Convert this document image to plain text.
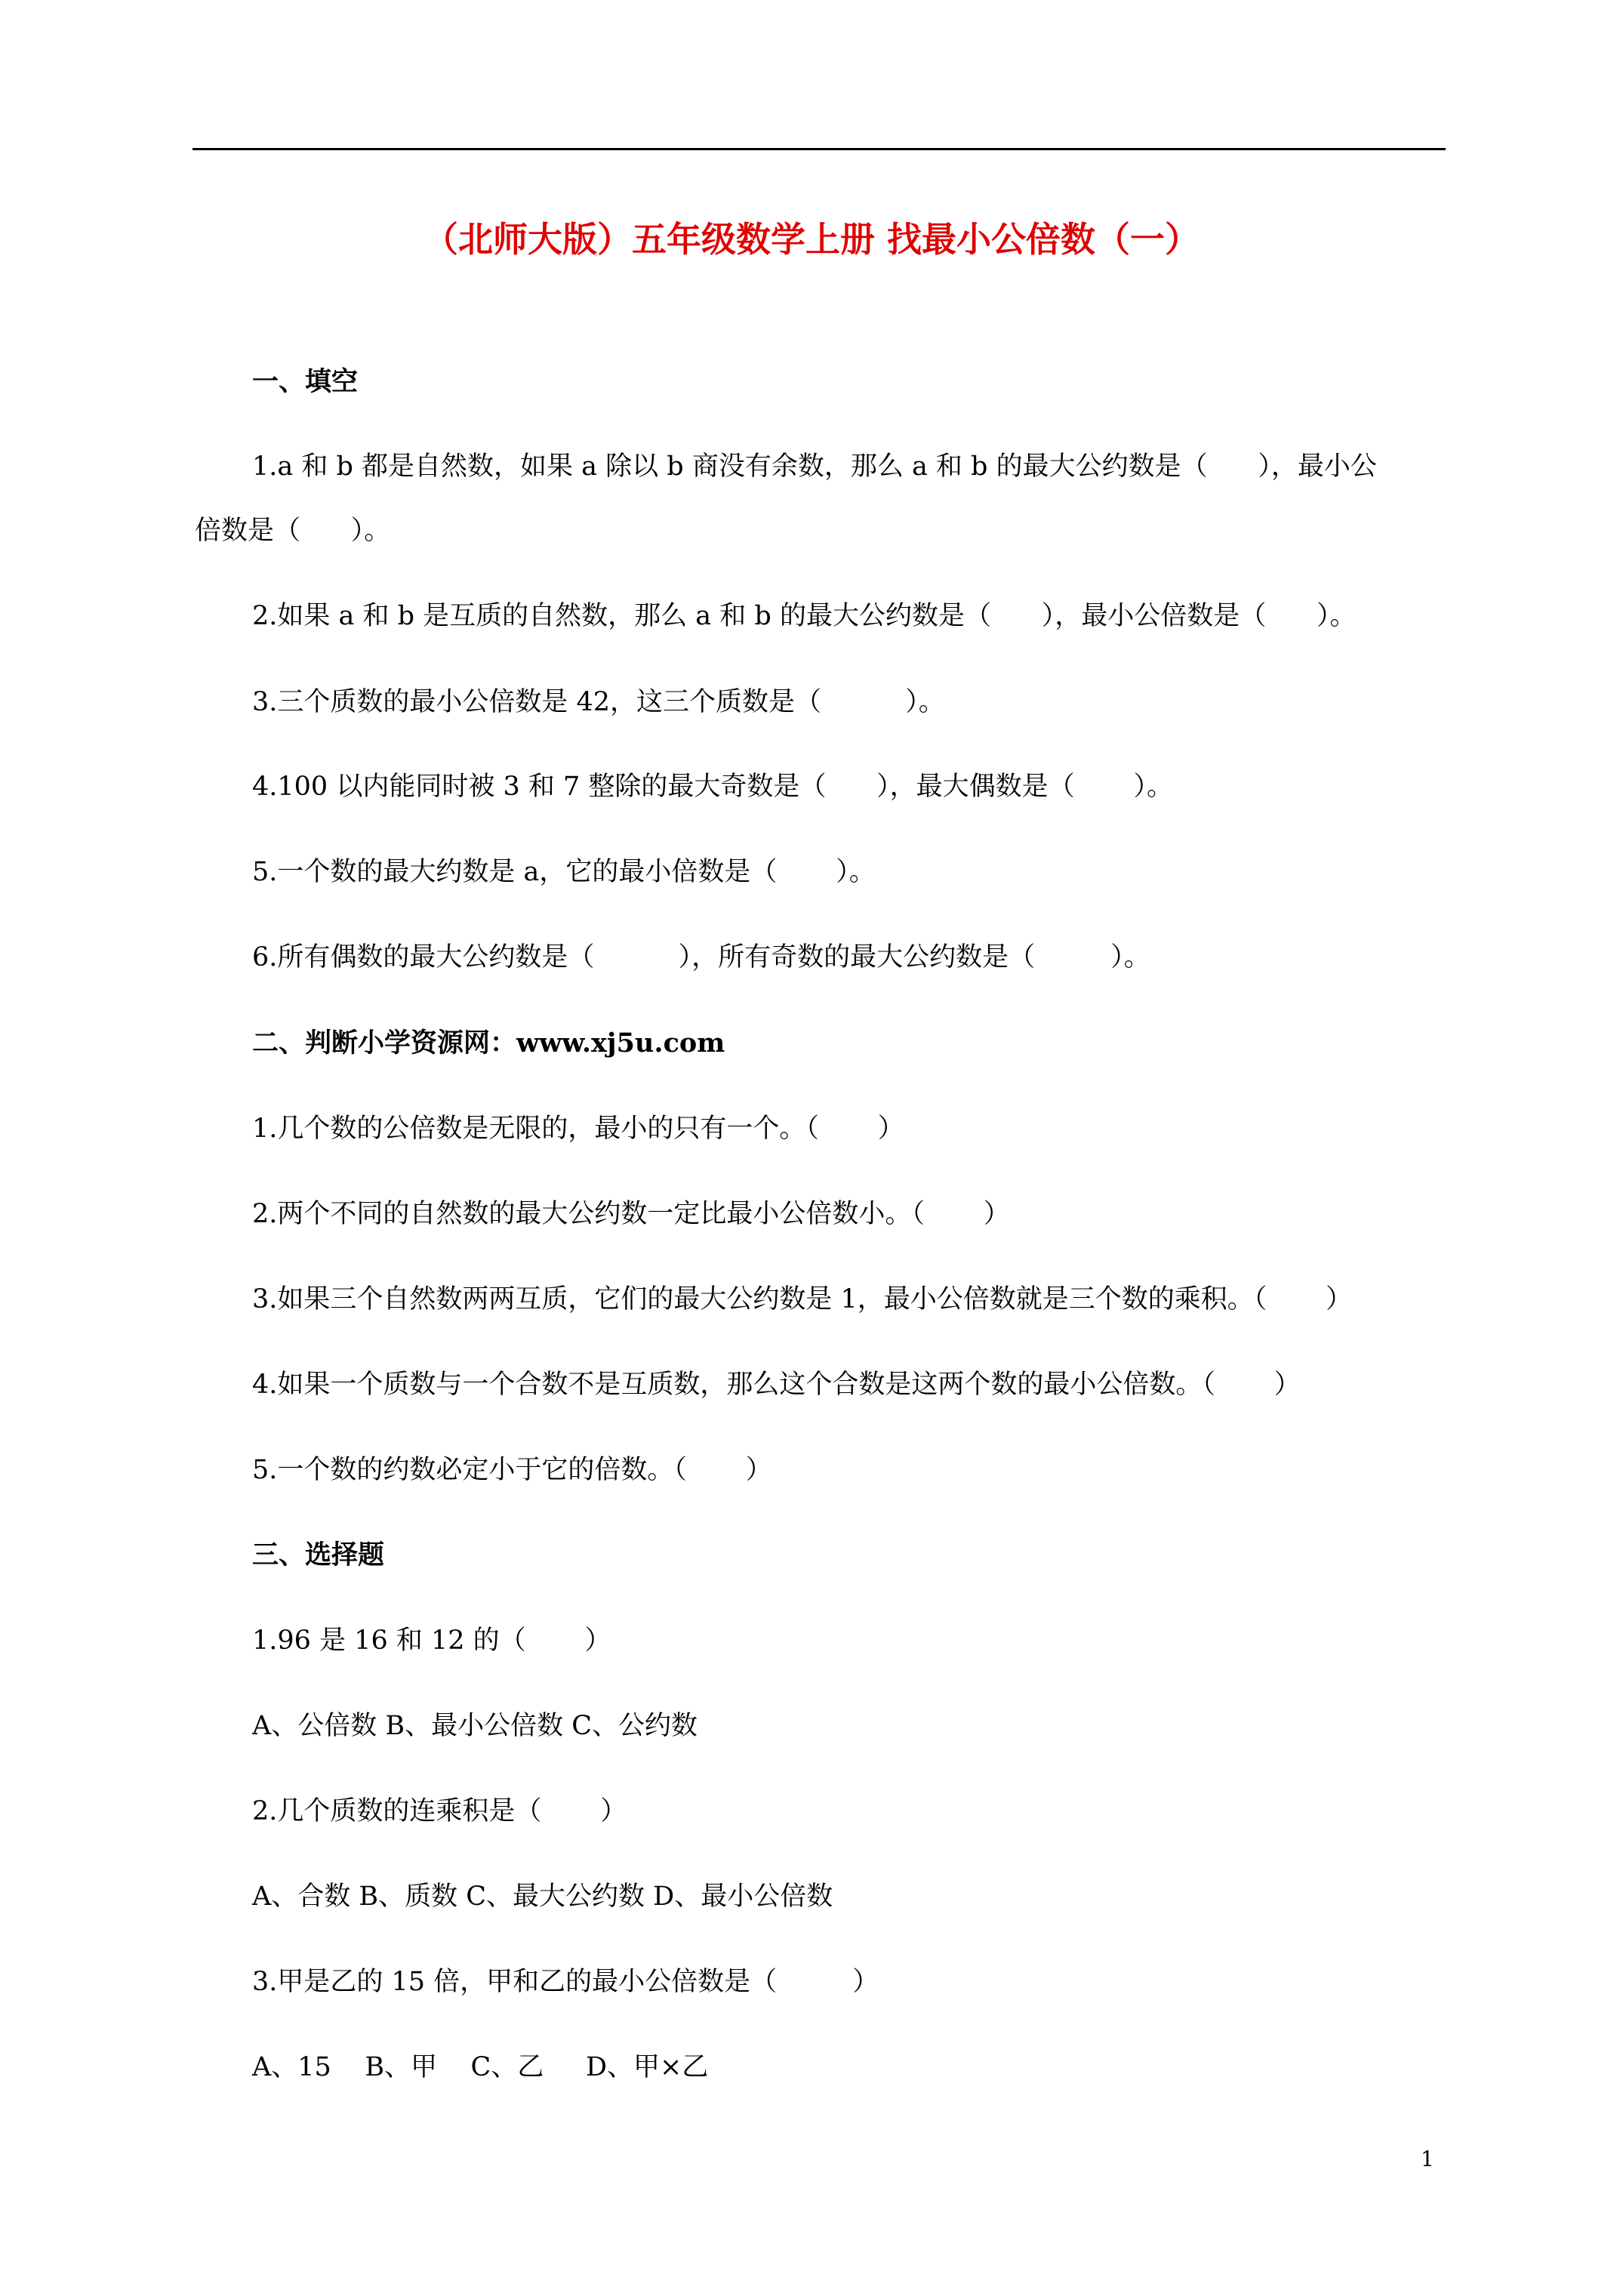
（北师大版）五年级数学上册 找最小公倍数（一）
一、填空
1.a 和 b 都是自然数，如果 a 除以 b 商没有余数，那么 a 和 b 的最大公约数是（      ），最小公
倍数是（      ）。
2.如果 a 和 b 是互质的自然数，那么 a 和 b 的最大公约数是（      ），最小公倍数是（      ）。
3.三个质数的最小公倍数是 42，这三个质数是（          ）。
4.100 以内能同时被 3 和 7 整除的最大奇数是（      ），最大偶数是（       ）。
5.一个数的最大约数是 a，它的最小倍数是（       ）。
6.所有偶数的最大公约数是（          ），所有奇数的最大公约数是（         ）。
二、判断小学资源网：www.xj5u.com
1.几个数的公倍数是无限的，最小的只有一个。（       ）
2.两个不同的自然数的最大公约数一定比最小公倍数小。（       ）
3.如果三个自然数两两互质，它们的最大公约数是 1，最小公倍数就是三个数的乘积。（       ）
4.如果一个质数与一个合数不是互质数，那么这个合数是这两个数的最小公倍数。（       ）
5.一个数的约数必定小于它的倍数。（       ）
三、选择题
1.96 是 16 和 12 的（       ）
A、公倍数 B、最小公倍数 C、公约数
2.几个质数的连乘积是（       ）
A、合数 B、质数 C、最大公约数 D、最小公倍数
3.甲是乙的 15 倍，甲和乙的最小公倍数是（         ）
A、15    B、甲    C、乙     D、甲×乙
1
